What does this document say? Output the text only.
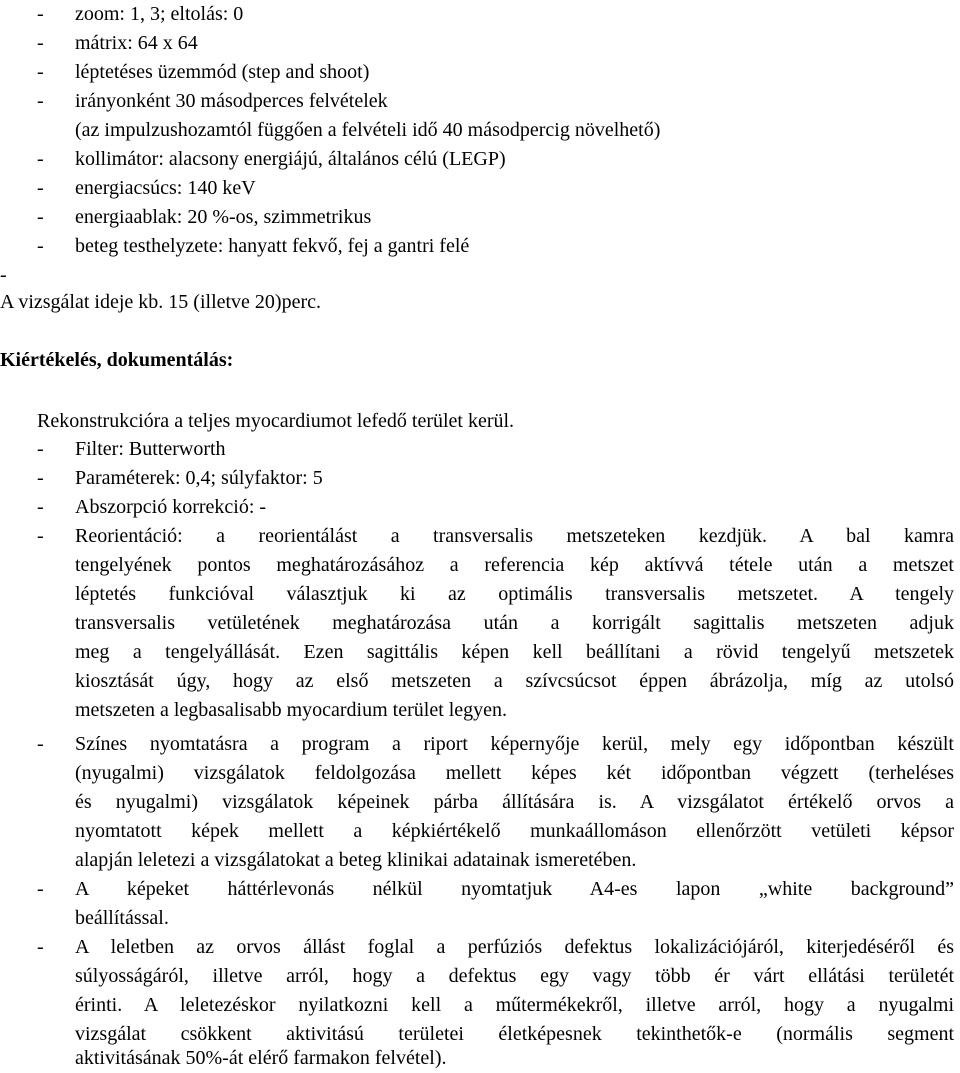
- zoom: 1, 3; eltolás: 0
- mátrix: 64 x 64
- léptetéses üzemmód (step and shoot)
- irányonként 30 másodperces felvételek
(az impulzushozamtól függően a felvételi idő 40 másodpercig növelhető)
- kollimátor: alacsony energiájú, általános célú (LEGP)
- energiacsúcs: 140 keV
- energiaablak: 20 %-os, szimmetrikus
- beteg testhelyzete: hanyatt fekvő, fej a gantri felé
-
A vizsgálat ideje kb. 15 (illetve 20)perc.
Kiértékelés, dokumentálás:
Rekonstrukcióra a teljes myocardiumot lefedő terület kerül.
- Filter: Butterworth
- Paraméterek: 0,4; súlyfaktor: 5
- Abszorpció korrekció: -
- Reorientáció: a reorientálást a transversalis metszeteken kezdjük. A bal kamra
tengelyének pontos meghatározásához a referencia kép aktívvá tétele után a metszet
léptetés funkcióval választjuk ki az optimális transversalis metszetet. A tengely
transversalis vetületének meghatározása után a korrigált sagittalis metszeten adjuk
meg a tengelyállását. Ezen sagittális képen kell beállítani a rövid tengelyű metszetek
kiosztását úgy, hogy az első metszeten a szívcsúcsot éppen ábrázolja, míg az utolsó
metszeten a legbasalisabb myocardium terület legyen.
- Színes nyomtatásra a program a riport képernyője kerül, mely egy időpontban készült
(nyugalmi) vizsgálatok feldolgozása mellett képes két időpontban végzett (terheléses
és nyugalmi) vizsgálatok képeinek párba állítására is. A vizsgálatot értékelő orvos a
nyomtatott képek mellett a képkiértékelő munkaállomáson ellenőrzött vetületi képsor
alapján leletezi a vizsgálatokat a beteg klinikai adatainak ismeretében.
- A képeket háttérlevonás nélkül nyomtatjuk A4-es lapon „white background”
beállítással.
- A leletben az orvos állást foglal a perfúziós defektus lokalizációjáról, kiterjedéséről és
súlyosságáról, illetve arról, hogy a defektus egy vagy több ér várt ellátási területét
érinti. A leletezéskor nyilatkozni kell a műtermékekről, illetve arról, hogy a nyugalmi
vizsgálat csökkent aktivitású területei életképesnek tekinthetők-e (normális segment
aktivitásának 50%-át elérő farmakon felvétel).
